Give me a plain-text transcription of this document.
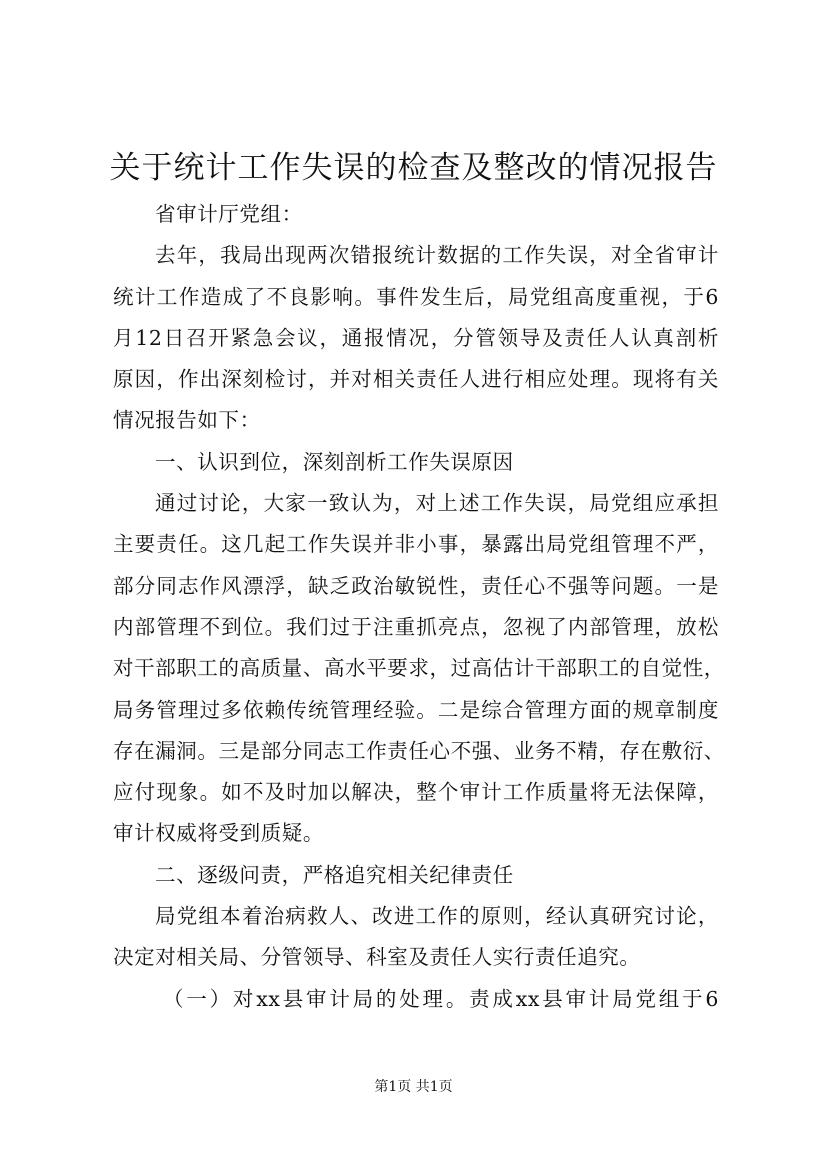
关于统计工作失误的检查及整改的情况报告
省审计厅党组：
去年，我局出现两次错报统计数据的工作失误，对全省审计
统计工作造成了不良影响。事件发生后，局党组高度重视，于6
月12日召开紧急会议，通报情况，分管领导及责任人认真剖析
原因，作出深刻检讨，并对相关责任人进行相应处理。现将有关
情况报告如下：
一、认识到位，深刻剖析工作失误原因
通过讨论，大家一致认为，对上述工作失误，局党组应承担
主要责任。这几起工作失误并非小事，暴露出局党组管理不严，
部分同志作风漂浮，缺乏政治敏锐性，责任心不强等问题。一是
内部管理不到位。我们过于注重抓亮点，忽视了内部管理，放松
对干部职工的高质量、高水平要求，过高估计干部职工的自觉性，
局务管理过多依赖传统管理经验。二是综合管理方面的规章制度
存在漏洞。三是部分同志工作责任心不强、业务不精，存在敷衍、
应付现象。如不及时加以解决，整个审计工作质量将无法保障，
审计权威将受到质疑。
二、逐级问责，严格追究相关纪律责任
局党组本着治病救人、改进工作的原则，经认真研究讨论，
决定对相关局、分管领导、科室及责任人实行责任追究。
（一）对xx县审计局的处理。责成xx县审计局党组于6
第1页 共1页
